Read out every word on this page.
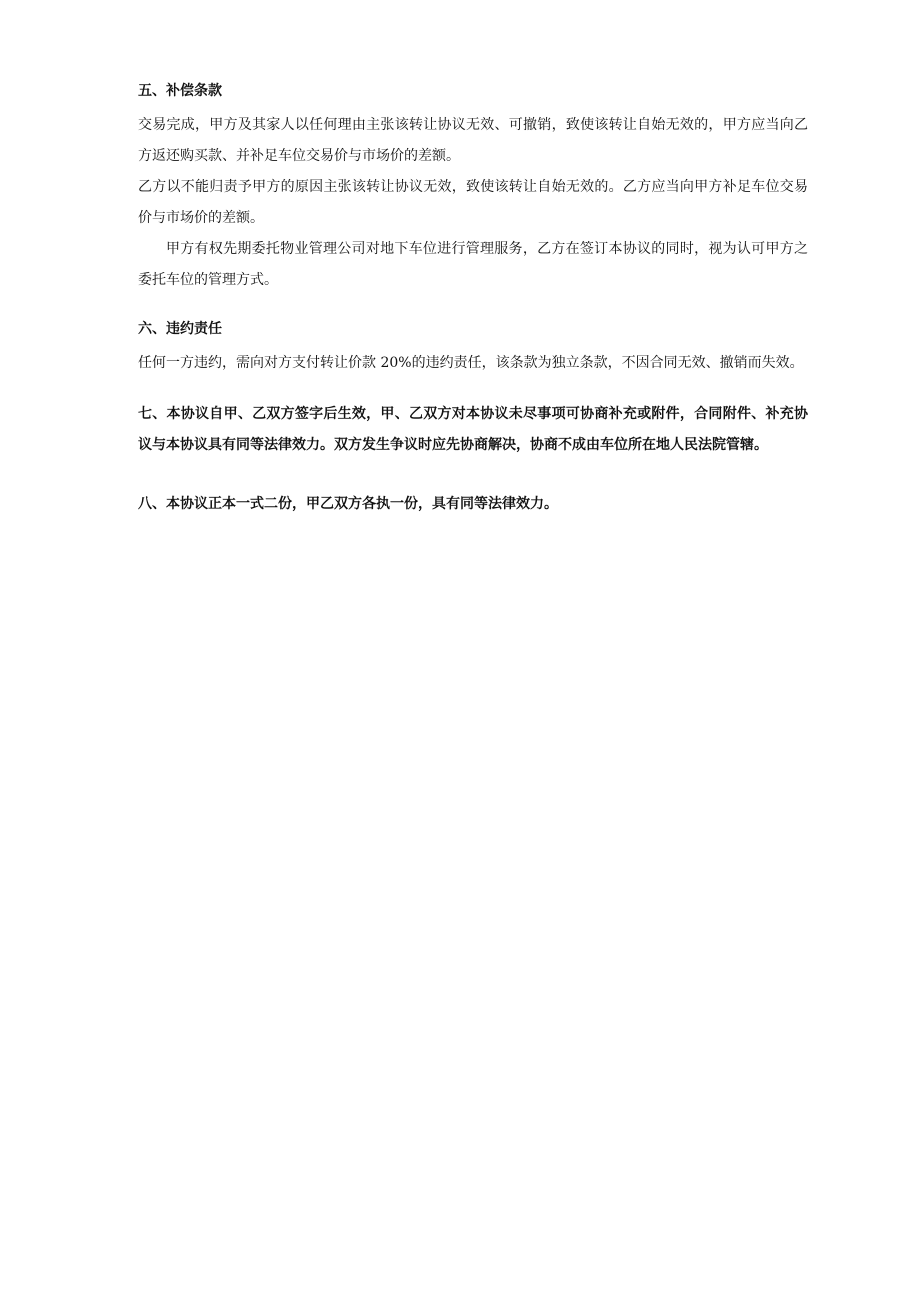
五、补偿条款

交易完成，甲方及其家人以任何理由主张该转让协议无效、可撤销，致使该转让自始无效的，甲方应当向乙方返还购买款、并补足车位交易价与市场价的差额。

乙方以不能归责予甲方的原因主张该转让协议无效，致使该转让自始无效的。乙方应当向甲方补足车位交易价与市场价的差额。

甲方有权先期委托物业管理公司对地下车位进行管理服务，乙方在签订本协议的同时，视为认可甲方之委托车位的管理方式。

六、违约责任

任何一方违约，需向对方支付转让价款 20%的违约责任，该条款为独立条款，不因合同无效、撤销而失效。

七、本协议自甲、乙双方签字后生效，甲、乙双方对本协议未尽事项可协商补充或附件，合同附件、补充协议与本协议具有同等法律效力。双方发生争议时应先协商解决，协商不成由车位所在地人民法院管辖。

八、本协议正本一式二份，甲乙双方各执一份，具有同等法律效力。
